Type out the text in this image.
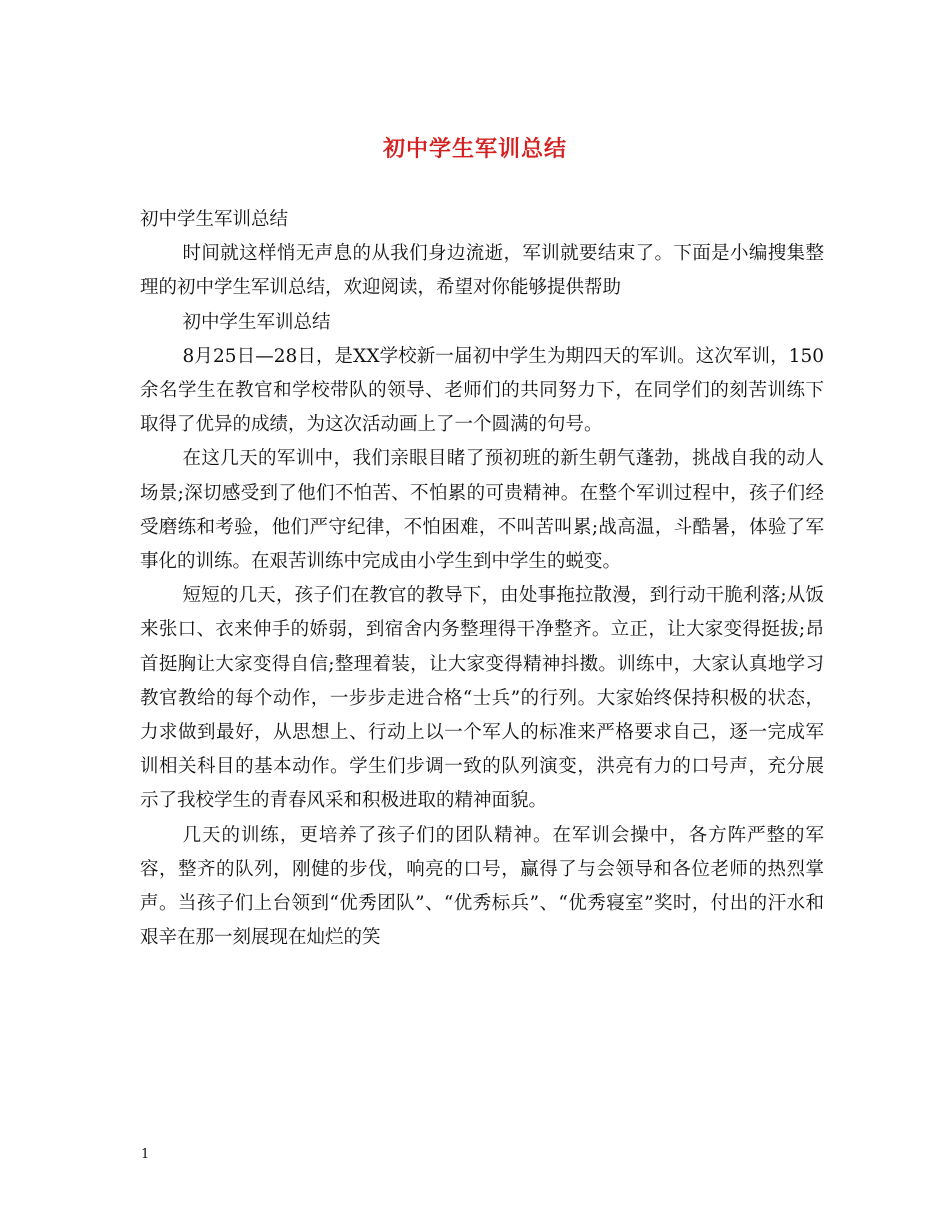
初中学生军训总结

初中学生军训总结

时间就这样悄无声息的从我们身边流逝，军训就要结束了。下面是小编搜集整理的初中学生军训总结，欢迎阅读，希望对你能够提供帮助

初中学生军训总结

8月25日—28日，是XX学校新一届初中学生为期四天的军训。这次军训，150余名学生在教官和学校带队的领导、老师们的共同努力下，在同学们的刻苦训练下取得了优异的成绩，为这次活动画上了一个圆满的句号。

在这几天的军训中，我们亲眼目睹了预初班的新生朝气蓬勃，挑战自我的动人场景;深切感受到了他们不怕苦、不怕累的可贵精神。在整个军训过程中，孩子们经受磨练和考验，他们严守纪律，不怕困难，不叫苦叫累;战高温，斗酷暑，体验了军事化的训练。在艰苦训练中完成由小学生到中学生的蜕变。

短短的几天，孩子们在教官的教导下，由处事拖拉散漫，到行动干脆利落;从饭来张口、衣来伸手的娇弱，到宿舍内务整理得干净整齐。立正，让大家变得挺拔;昂首挺胸让大家变得自信;整理着装，让大家变得精神抖擞。训练中，大家认真地学习教官教给的每个动作，一步步走进合格“士兵”的行列。大家始终保持积极的状态，力求做到最好，从思想上、行动上以一个军人的标准来严格要求自己，逐一完成军训相关科目的基本动作。学生们步调一致的队列演变，洪亮有力的口号声，充分展示了我校学生的青春风采和积极进取的精神面貌。

几天的训练，更培养了孩子们的团队精神。在军训会操中，各方阵严整的军容，整齐的队列，刚健的步伐，响亮的口号，赢得了与会领导和各位老师的热烈掌声。当孩子们上台领到“优秀团队”、“优秀标兵”、“优秀寝室”奖时，付出的汗水和艰辛在那一刻展现在灿烂的笑

1
